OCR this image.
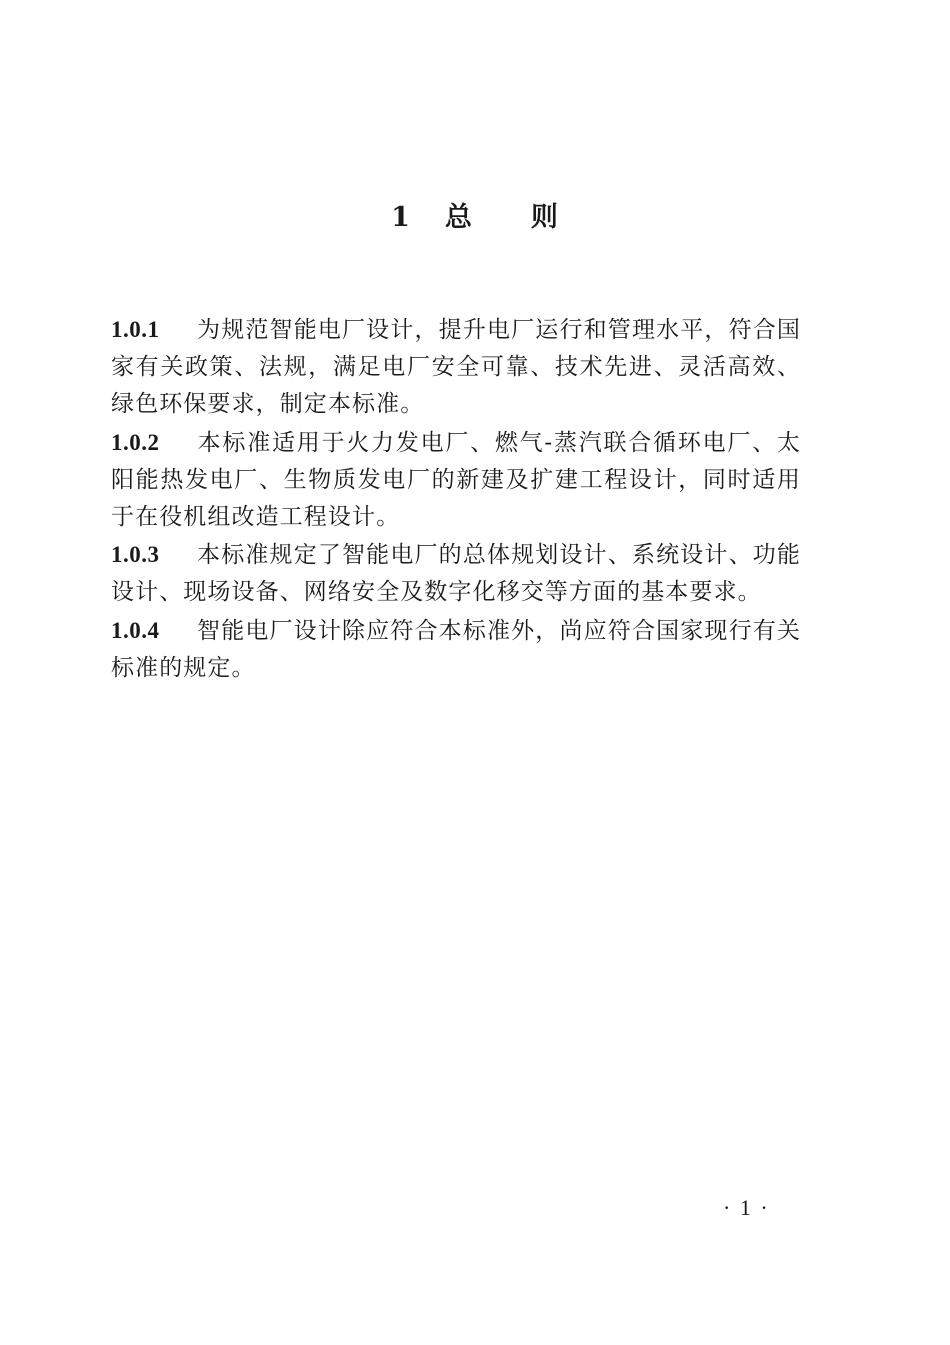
1 总 则

1.0.1 为规范智能电厂设计，提升电厂运行和管理水平，符合国家有关政策、法规，满足电厂安全可靠、技术先进、灵活高效、绿色环保要求，制定本标准。

1.0.2 本标准适用于火力发电厂、燃气-蒸汽联合循环电厂、太阳能热发电厂、生物质发电厂的新建及扩建工程设计，同时适用于在役机组改造工程设计。

1.0.3 本标准规定了智能电厂的总体规划设计、系统设计、功能设计、现场设备、网络安全及数字化移交等方面的基本要求。

1.0.4 智能电厂设计除应符合本标准外，尚应符合国家现行有关标准的规定。

· 1 ·
